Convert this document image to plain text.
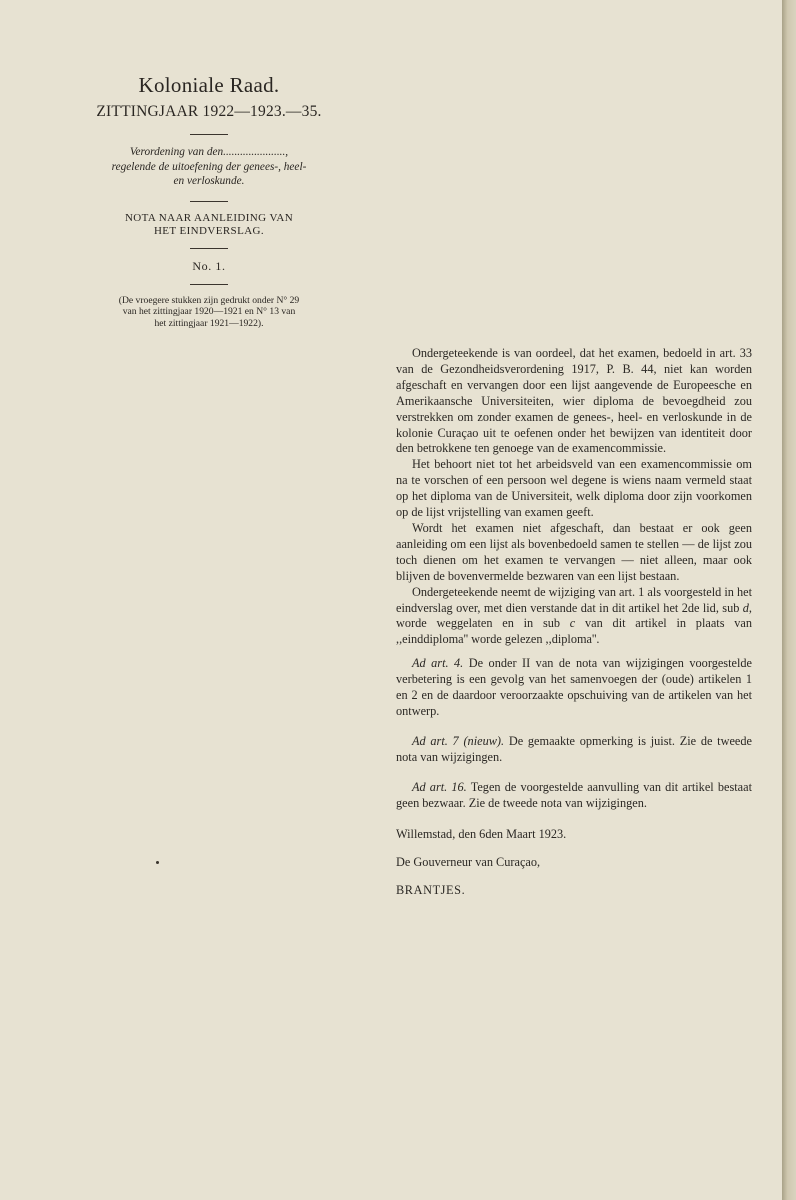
Koloniale Raad.

ZITTINGJAAR 1922—1923.—35.

Verordening van den......................,
regelende de uitoefening der genees-, heel-
en verloskunde.

NOTA NAAR AANLEIDING VAN
HET EINDVERSLAG.

No. 1.

(De vroegere stukken zijn gedrukt onder N° 29
van het zittingjaar 1920—1921 en N° 13 van
het zittingjaar 1921—1922).

Ondergeteekende is van oordeel, dat het examen, bedoeld in art. 33 van de Gezondheidsverordening 1917, P. B. 44, niet kan worden afgeschaft en vervangen door een lijst aangevende de Europeesche en Amerikaansche Universiteiten, wier diploma de bevoegdheid zou verstrekken om zonder examen de genees-, heel- en verloskunde in de kolonie Curaçao uit te oefenen onder het bewijzen van identiteit door den betrokkene ten genoege van de examencommissie.

Het behoort niet tot het arbeidsveld van een examencommissie om na te vorschen of een persoon wel degene is wiens naam vermeld staat op het diploma van de Universiteit, welk diploma door zijn voorkomen op de lijst vrijstelling van examen geeft.

Wordt het examen niet afgeschaft, dan bestaat er ook geen aanleiding om een lijst als bovenbedoeld samen te stellen — de lijst zou toch dienen om het examen te vervangen — niet alleen, maar ook blijven de bovenvermelde bezwaren van een lijst bestaan.

Ondergeteekende neemt de wijziging van art. 1 als voorgesteld in het eindverslag over, met dien verstande dat in dit artikel het 2de lid, sub d, worde weggelaten en in sub c van dit artikel in plaats van ,,einddiploma'' worde gelezen ,,diploma''.

Ad art. 4. De onder II van de nota van wijzigingen voorgestelde verbetering is een gevolg van het samenvoegen der (oude) artikelen 1 en 2 en de daardoor veroorzaakte opschuiving van de artikelen van het ontwerp.

Ad art. 7 (nieuw). De gemaakte opmerking is juist. Zie de tweede nota van wijzigingen.

Ad art. 16. Tegen de voorgestelde aanvulling van dit artikel bestaat geen bezwaar. Zie de tweede nota van wijzigingen.

Willemstad, den 6den Maart 1923.

De Gouverneur van Curaçao,

BRANTJES.
